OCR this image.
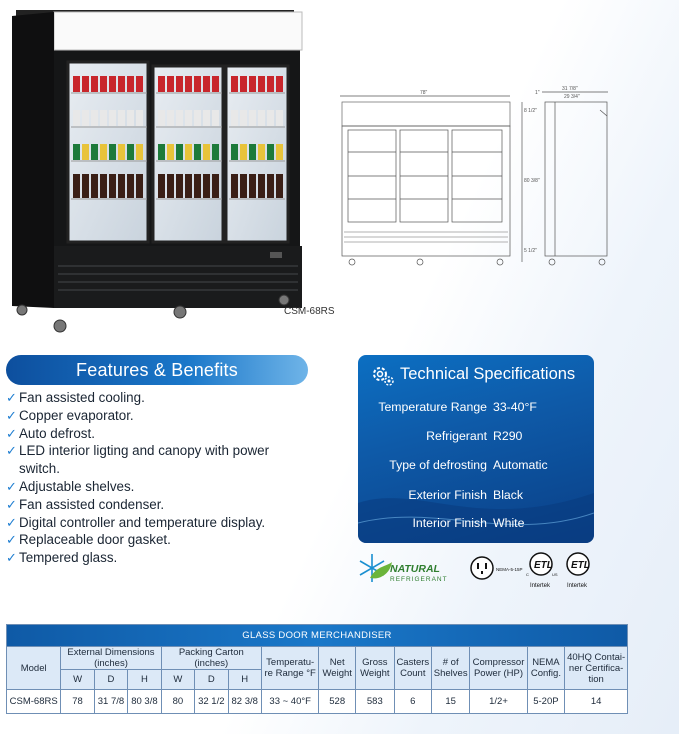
CSM-68RS
78"
8 1/2"
80 3/8"
5 1/2"
31 7/8"
29 3/4"
1"
Features & Benefits
✓ Fan assisted cooling.
✓ Copper evaporator.
✓ Auto defrost.
✓ LED interior ligting and canopy with power
switch.
✓ Adjustable shelves.
✓ Fan assisted condenser.
✓ Digital controller and temperature display.
✓ Replaceable door gasket.
✓ Tempered glass.
Technical Specifications
Temperature Range 33-40°F
Refrigerant R290
Type of defrosting Automatic
Exterior Finish Black
Interior Finish White
NATURAL
REFRIGERANT
NEMA-5-15P ETL
C	US
Intertek
ETL
Intertek
GLASS DOOR MERCHANDISER														
Model	External Dimensions (inches)			Packing Carton (inches)			Temperatu-re Range °F	Net Weight	Gross Weight	Casters Count	# of Shelves	Compressor Power (HP)	NEMA Config.	40HQ Contai-ner Certifica-tion
	W	D	H	W	D	H								
CSM-68RS	78	31 7/8	80 3/8	80	32 1/2	82 3/8	33 ~ 40°F	528	583	6	15	1/2+	5-20P	14
